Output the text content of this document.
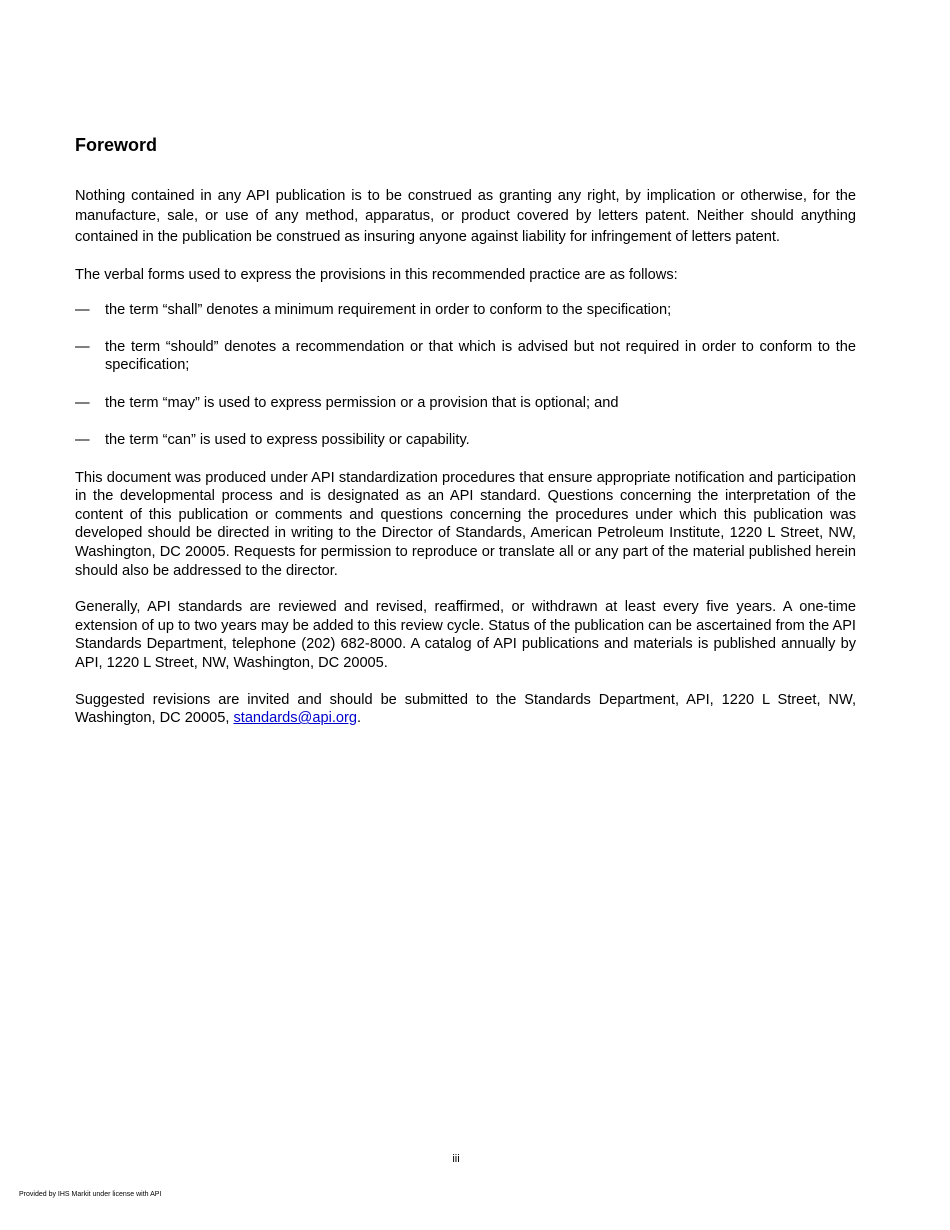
Foreword

Nothing contained in any API publication is to be construed as granting any right, by implication or otherwise, for the manufacture, sale, or use of any method, apparatus, or product covered by letters patent. Neither should anything contained in the publication be construed as insuring anyone against liability for infringement of letters patent.

The verbal forms used to express the provisions in this recommended practice are as follows:

— the term “shall” denotes a minimum requirement in order to conform to the specification;
— the term “should” denotes a recommendation or that which is advised but not required in order to conform to the specification;
— the term “may” is used to express permission or a provision that is optional; and
— the term “can” is used to express possibility or capability.

This document was produced under API standardization procedures that ensure appropriate notification and participation in the developmental process and is designated as an API standard. Questions concerning the interpretation of the content of this publication or comments and questions concerning the procedures under which this publication was developed should be directed in writing to the Director of Standards, American Petroleum Institute, 1220 L Street, NW, Washington, DC 20005. Requests for permission to reproduce or translate all or any part of the material published herein should also be addressed to the director.

Generally, API standards are reviewed and revised, reaffirmed, or withdrawn at least every five years. A one-time extension of up to two years may be added to this review cycle. Status of the publication can be ascertained from the API Standards Department, telephone (202) 682-8000. A catalog of API publications and materials is published annually by API, 1220 L Street, NW, Washington, DC 20005.

Suggested revisions are invited and should be submitted to the Standards Department, API, 1220 L Street, NW, Washington, DC 20005, standards@api.org.

iii
Provided by IHS Markit under license with API
